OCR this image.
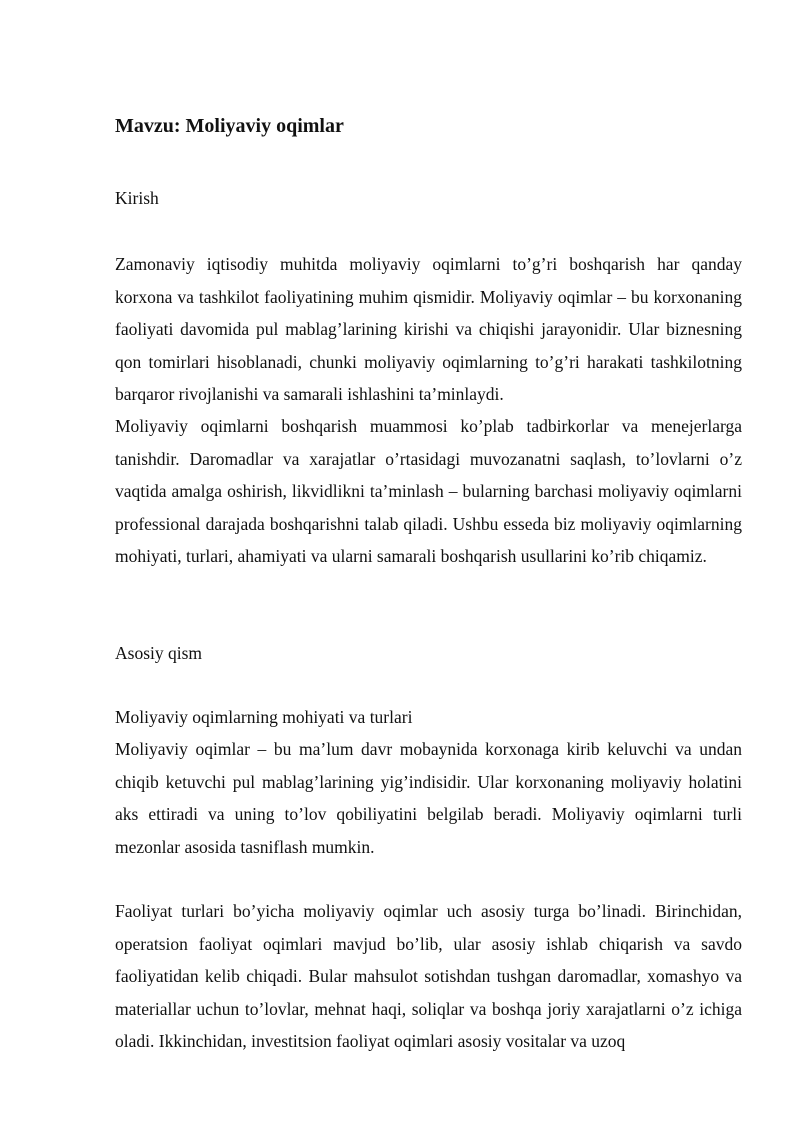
Mavzu: Moliyaviy oqimlar

Kirish

Zamonaviy iqtisodiy muhitda moliyaviy oqimlarni to’g’ri boshqarish har qanday korxona va tashkilot faoliyatining muhim qismidir. Moliyaviy oqimlar – bu korxonaning faoliyati davomida pul mablag’larining kirishi va chiqishi jarayonidir. Ular biznesning qon tomirlari hisoblanadi, chunki moliyaviy oqimlarning to’g’ri harakati tashkilotning barqaror rivojlanishi va samarali ishlashini ta’minlaydi.

Moliyaviy oqimlarni boshqarish muammosi ko’plab tadbirkorlar va menejerlarga tanishdir. Daromadlar va xarajatlar o’rtasidagi muvozanatni saqlash, to’lovlarni o’z vaqtida amalga oshirish, likvidlikni ta’minlash – bularning barchasi moliyaviy oqimlarni professional darajada boshqarishni talab qiladi. Ushbu esseda biz moliyaviy oqimlarning mohiyati, turlari, ahamiyati va ularni samarali boshqarish usullarini ko’rib chiqamiz.

Asosiy qism

Moliyaviy oqimlarning mohiyati va turlari

Moliyaviy oqimlar – bu ma’lum davr mobaynida korxonaga kirib keluvchi va undan chiqib ketuvchi pul mablag’larining yig’indisidir. Ular korxonaning moliyaviy holatini aks ettiradi va uning to’lov qobiliyatini belgilab beradi. Moliyaviy oqimlarni turli mezonlar asosida tasniflash mumkin.

Faoliyat turlari bo’yicha moliyaviy oqimlar uch asosiy turga bo’linadi. Birinchidan, operatsion faoliyat oqimlari mavjud bo’lib, ular asosiy ishlab chiqarish va savdo faoliyatidan kelib chiqadi. Bular mahsulot sotishdan tushgan daromadlar, xomashyo va materiallar uchun to’lovlar, mehnat haqi, soliqlar va boshqa joriy xarajatlarni o’z ichiga oladi. Ikkinchidan, investitsion faoliyat oqimlari asosiy vositalar va uzoq
